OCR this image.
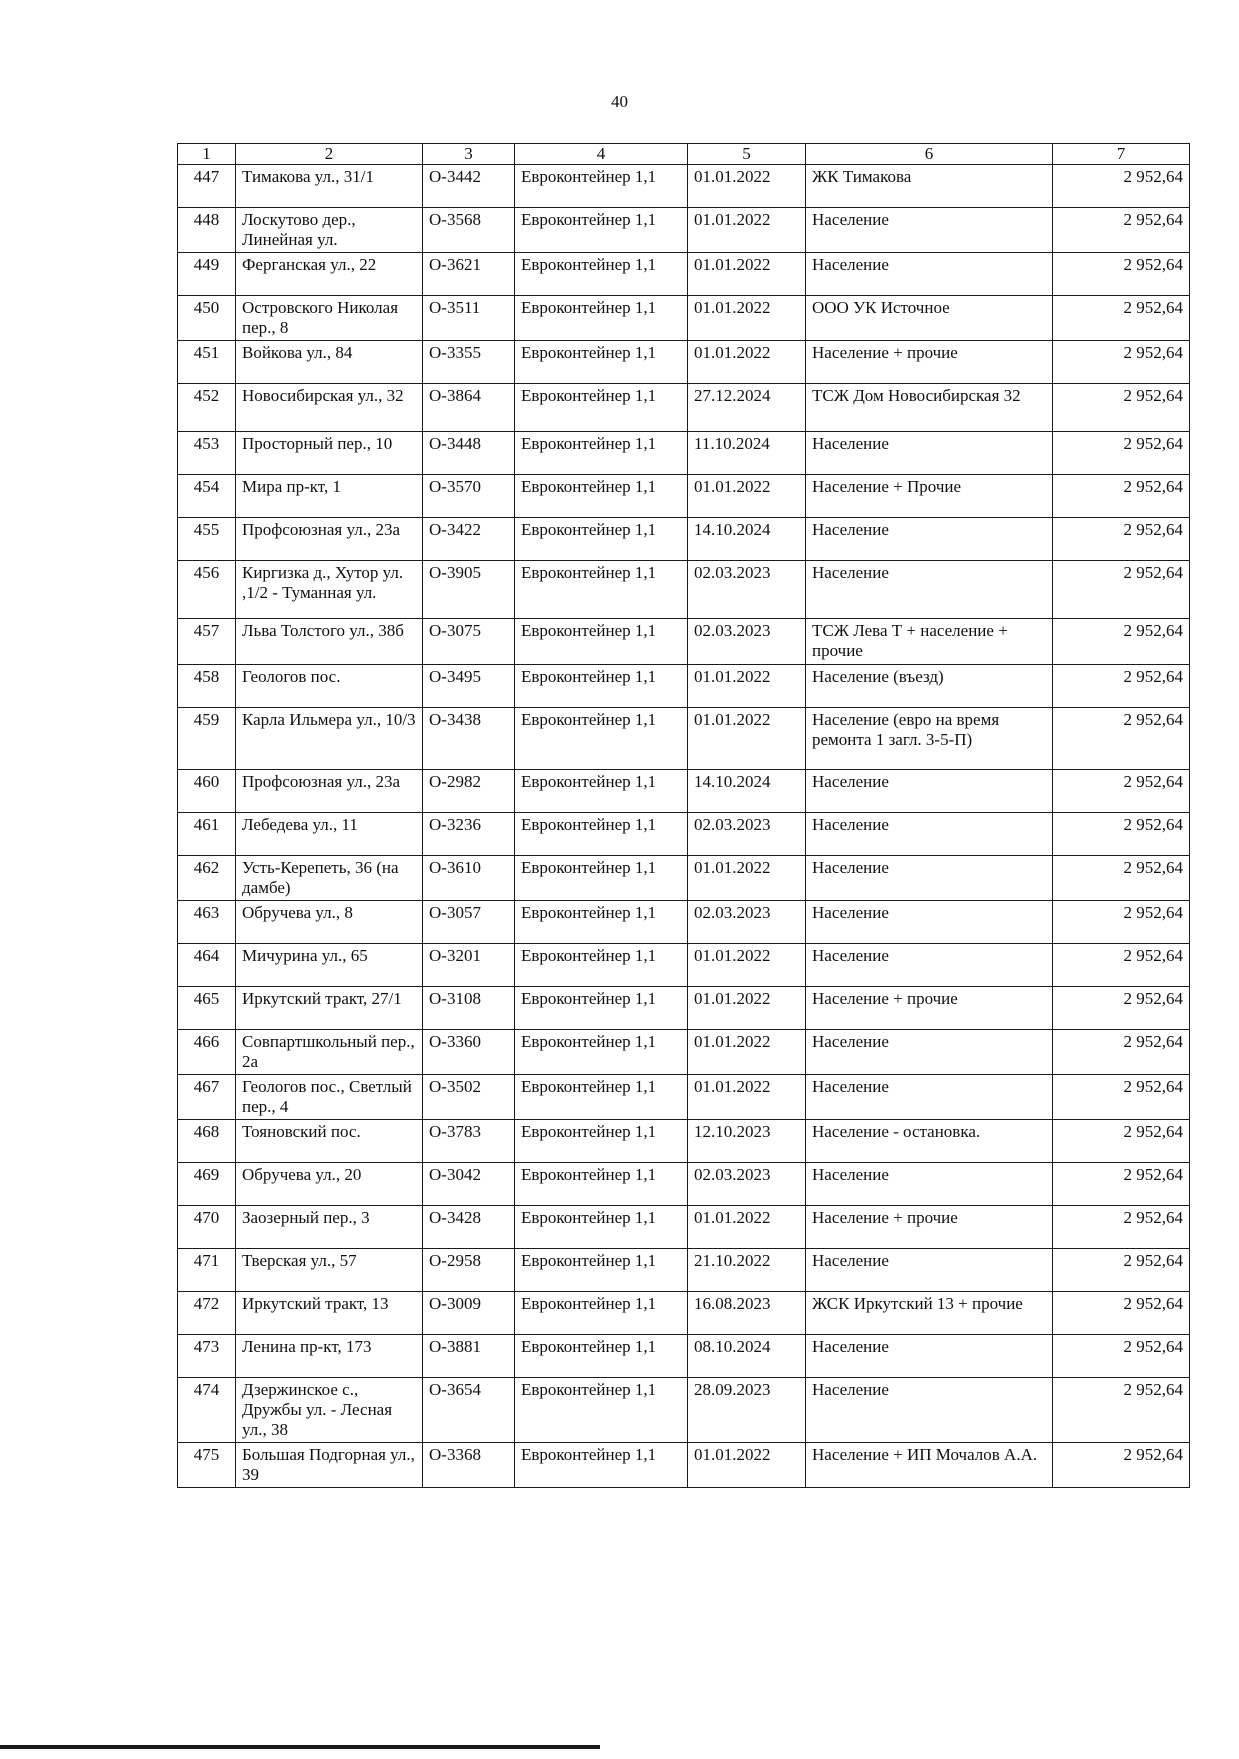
40
1	2	3	4	5	6	7
447	Тимакова ул., 31/1	О-3442	Евроконтейнер 1,1	01.01.2022	ЖК Тимакова	2 952,64
448	Лоскутово дер., Линейная ул.	О-3568	Евроконтейнер 1,1	01.01.2022	Население	2 952,64
449	Ферганская ул., 22	О-3621	Евроконтейнер 1,1	01.01.2022	Население	2 952,64
450	Островского Николая пер., 8	О-3511	Евроконтейнер 1,1	01.01.2022	ООО УК Источное	2 952,64
451	Войкова ул., 84	О-3355	Евроконтейнер 1,1	01.01.2022	Население + прочие	2 952,64
452	Новосибирская ул., 32	О-3864	Евроконтейнер 1,1	27.12.2024	ТСЖ Дом Новосибирская 32	2 952,64
453	Просторный пер., 10	О-3448	Евроконтейнер 1,1	11.10.2024	Население	2 952,64
454	Мира пр-кт, 1	О-3570	Евроконтейнер 1,1	01.01.2022	Население + Прочие	2 952,64
455	Профсоюзная ул., 23а	О-3422	Евроконтейнер 1,1	14.10.2024	Население	2 952,64
456	Киргизка д., Хутор ул. ,1/2 - Туманная ул.	О-3905	Евроконтейнер 1,1	02.03.2023	Население	2 952,64
457	Льва Толстого ул., 38б	О-3075	Евроконтейнер 1,1	02.03.2023	ТСЖ Лева Т + население + прочие	2 952,64
458	Геологов пос.	О-3495	Евроконтейнер 1,1	01.01.2022	Население (въезд)	2 952,64
459	Карла Ильмера ул., 10/3	О-3438	Евроконтейнер 1,1	01.01.2022	Население (евро на время ремонта 1 загл. 3-5-П)	2 952,64
460	Профсоюзная ул., 23а	О-2982	Евроконтейнер 1,1	14.10.2024	Население	2 952,64
461	Лебедева ул., 11	О-3236	Евроконтейнер 1,1	02.03.2023	Население	2 952,64
462	Усть-Керепеть, 36 (на дамбе)	О-3610	Евроконтейнер 1,1	01.01.2022	Население	2 952,64
463	Обручева ул., 8	О-3057	Евроконтейнер 1,1	02.03.2023	Население	2 952,64
464	Мичурина ул., 65	О-3201	Евроконтейнер 1,1	01.01.2022	Население	2 952,64
465	Иркутский тракт, 27/1	О-3108	Евроконтейнер 1,1	01.01.2022	Население + прочие	2 952,64
466	Совпартшкольный пер., 2а	О-3360	Евроконтейнер 1,1	01.01.2022	Население	2 952,64
467	Геологов пос., Светлый пер., 4	О-3502	Евроконтейнер 1,1	01.01.2022	Население	2 952,64
468	Тояновский пос.	О-3783	Евроконтейнер 1,1	12.10.2023	Население - остановка.	2 952,64
469	Обручева ул., 20	О-3042	Евроконтейнер 1,1	02.03.2023	Население	2 952,64
470	Заозерный пер., 3	О-3428	Евроконтейнер 1,1	01.01.2022	Население + прочие	2 952,64
471	Тверская ул., 57	О-2958	Евроконтейнер 1,1	21.10.2022	Население	2 952,64
472	Иркутский тракт, 13	О-3009	Евроконтейнер 1,1	16.08.2023	ЖСК Иркутский 13 + прочие	2 952,64
473	Ленина пр-кт, 173	О-3881	Евроконтейнер 1,1	08.10.2024	Население	2 952,64
474	Дзержинское с., Дружбы ул. - Лесная ул., 38	О-3654	Евроконтейнер 1,1	28.09.2023	Население	2 952,64
475	Большая Подгорная ул., 39	О-3368	Евроконтейнер 1,1	01.01.2022	Население + ИП Мочалов А.А.	2 952,64
